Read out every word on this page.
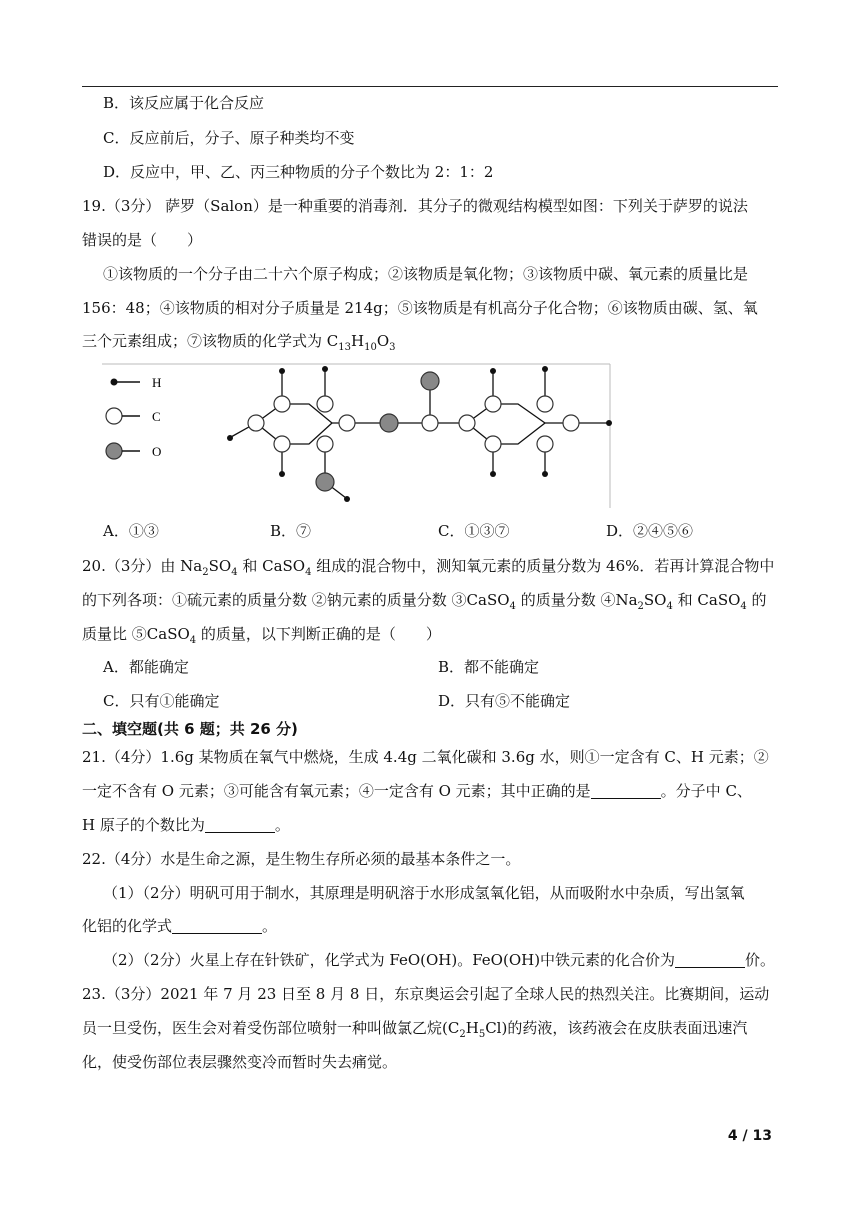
B．该反应属于化合反应
C．反应前后，分子、原子种类均不变
D．反应中，甲、乙、丙三种物质的分子个数比为 2：1：2
19.（3分） 萨罗（Salon）是一种重要的消毒剂．其分子的微观结构模型如图：下列关于萨罗的说法
错误的是（　　）
①该物质的一个分子由二十六个原子构成；②该物质是氧化物；③该物质中碳、氧元素的质量比是
156：48；④该物质的相对分子质量是 214g；⑤该物质是有机高分子化合物；⑥该物质由碳、氢、氧
三个元素组成；⑦该物质的化学式为 $C_{13}H_{10}O_3$
H
C
O
A．①③	B．⑦	C．①③⑦	D．②④⑤⑥
20.（3分）由 $Na_2SO_4$ 和 CaSO$_4$ 组成的混合物中，测知氧元素的质量分数为 46%．若再计算混合物中
的下列各项：①硫元素的质量分数 ②钠元素的质量分数 ③CaSO$_4$ 的质量分数 $④Na_2SO_4$ 和 CaSO$_4$ 的
质量比 ⑤CaSO$_4$ 的质量，以下判断正确的是（　　）
A．都能确定	B．都不能确定
C．只有①能确定	D．只有⑤不能确定
二、填空题(共 6 题；共 26 分)
21.（4分）1.6g 某物质在氧气中燃烧，生成 4.4g 二氧化碳和 3.6g 水，则①一定含有 C、H 元素；②
一定不含有 O 元素；③可能含有氧元素；④一定含有 O 元素；其中正确的是	。分子中 C、
H 原子的个数比为	。
22.（4分）水是生命之源，是生物生存所必须的最基本条件之一。
（1）（2分）明矾可用于制水，其原理是明矾溶于水形成氢氧化铝，从而吸附水中杂质，写出氢氧
化铝的化学式	。
（2）（2分）火星上存在针铁矿，化学式为 FeO(OH)。FeO(OH)中铁元素的化合价为	价。
23.（3分）2021 年 7 月 23 日至 8 月 8 日，东京奥运会引起了全球人民的热烈关注。比赛期间，运动
员一旦受伤，医生会对着受伤部位喷射一种叫做氯乙烷$(C_2H_5Cl)$的药液，该药液会在皮肤表面迅速汽
化，使受伤部位表层骤然变冷而暂时失去痛觉。
4 / 13
